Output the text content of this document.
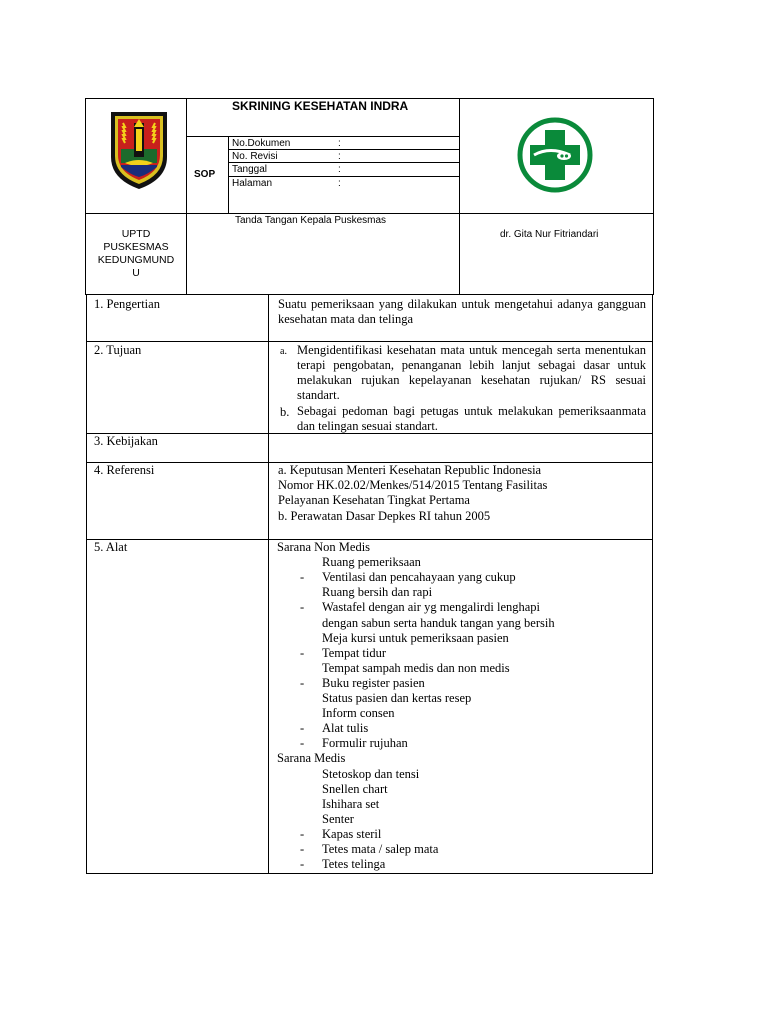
SKRINING KESEHATAN INDRA
SOP
No.Dokumen	:
No. Revisi	:
Tanggal	:
Halaman	:
UPTD
PUSKESMAS
KEDUNGMUND
U
Tanda Tangan Kepala Puskesmas
dr. Gita Nur Fitriandari
1. Pengertian	Suatu pemeriksaan yang dilakukan untuk mengetahui adanya gangguan kesehatan mata dan telinga
2. Tujuan	a. Mengidentifikasi kesehatan mata untuk mencegah serta menentukan terapi pengobatan, penanganan lebih lanjut sebagai dasar untuk melakukan rujukan kepelayanan kesehatan rujukan/ RS sesuai standart.
b. Sebagai pedoman bagi petugas untuk melakukan pemeriksaanmata dan telingan sesuai standart.
3. Kebijakan
4. Referensi	a. Keputusan Menteri Kesehatan Republic Indonesia
Nomor HK.02.02/Menkes/514/2015 Tentang Fasilitas
Pelayanan Kesehatan Tingkat Pertama
b. Perawatan Dasar Depkes RI tahun 2005
5. Alat	Sarana Non Medis
Ruang pemeriksaan
- Ventilasi dan pencahayaan yang cukup
Ruang bersih dan rapi
- Wastafel dengan air yg mengalirdi lenghapi
dengan sabun serta handuk tangan yang bersih
Meja kursi untuk pemeriksaan pasien
- Tempat tidur
Tempat sampah medis dan non medis
- Buku register pasien
Status pasien dan kertas resep
Inform consen
- Alat tulis
- Formulir rujuhan
Sarana Medis
Stetoskop dan tensi
Snellen chart
Ishihara set
Senter
- Kapas steril
- Tetes mata / salep mata
- Tetes telinga
